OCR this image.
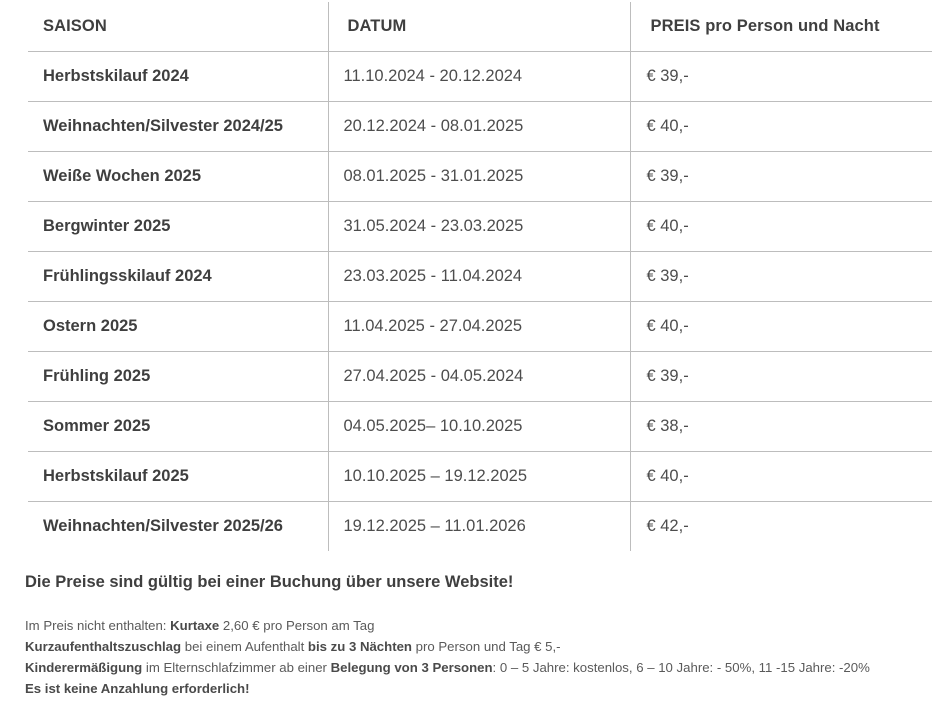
SAISON	DATUM	PREIS pro Person und Nacht
Herbstskilauf 2024	11.10.2024 - 20.12.2024	€ 39,-
Weihnachten/Silvester 2024/25	20.12.2024 - 08.01.2025	€ 40,-
Weiße Wochen 2025	08.01.2025 - 31.01.2025	€ 39,-
Bergwinter 2025	31.05.2024 - 23.03.2025	€ 40,-
Frühlingsskilauf 2024	23.03.2025 - 11.04.2024	€ 39,-
Ostern 2025	11.04.2025 - 27.04.2025	€ 40,-
Frühling 2025	27.04.2025 - 04.05.2024	€ 39,-
Sommer 2025	04.05.2025– 10.10.2025	€ 38,-
Herbstskilauf 2025	10.10.2025 – 19.12.2025	€ 40,-
Weihnachten/Silvester 2025/26	19.12.2025 – 11.01.2026	€ 42,-

Die Preise sind gültig bei einer Buchung über unsere Website!

Im Preis nicht enthalten: Kurtaxe 2,60 € pro Person am Tag
Kurzaufenthaltszuschlag bei einem Aufenthalt bis zu 3 Nächten pro Person und Tag € 5,-
Kinderermäßigung im Elternschlafzimmer ab einer Belegung von 3 Personen: 0 – 5 Jahre: kostenlos, 6 – 10 Jahre: - 50%, 11 -15 Jahre: -20%
Es ist keine Anzahlung erforderlich!
